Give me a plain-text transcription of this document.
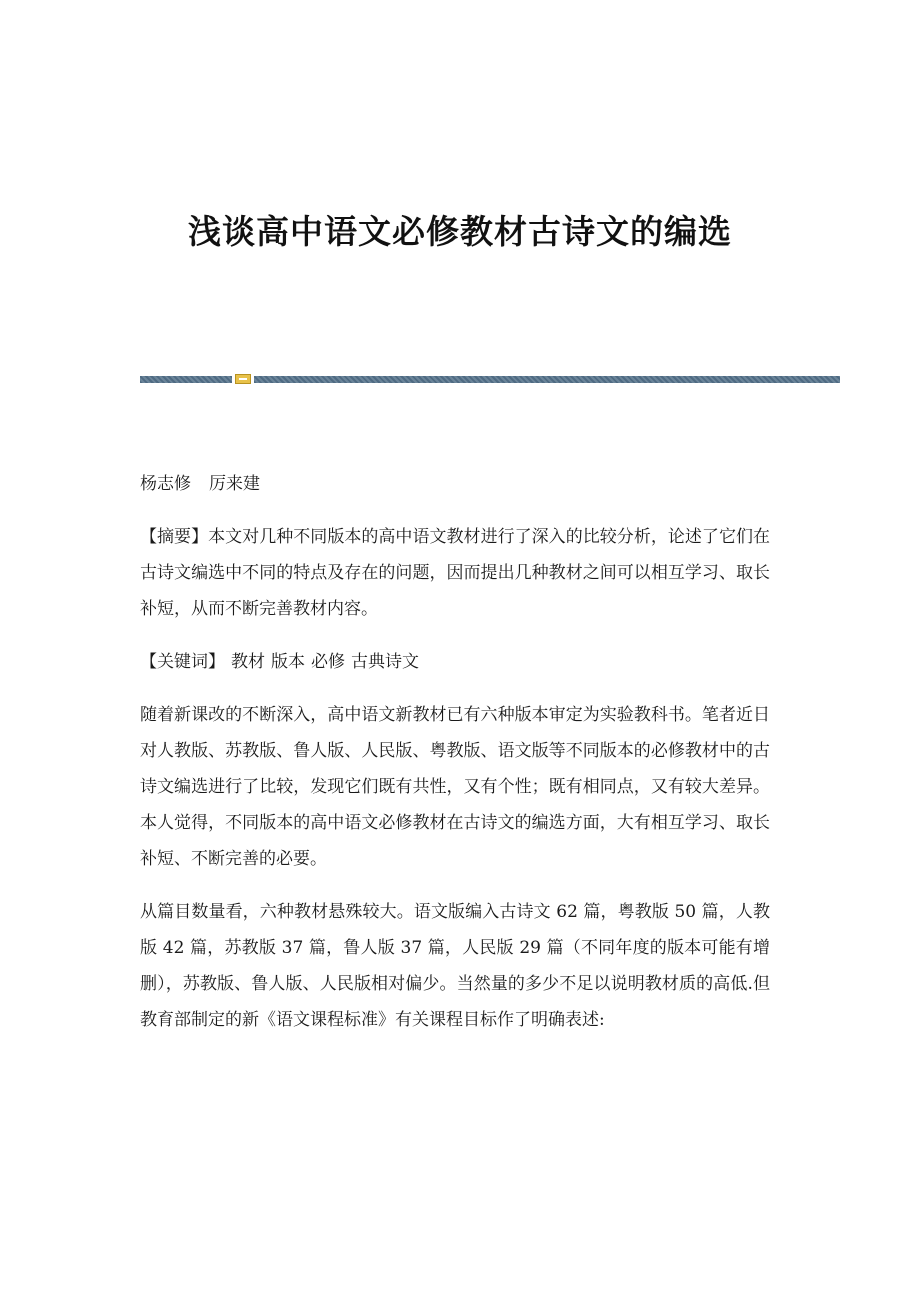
浅谈高中语文必修教材古诗文的编选

杨志修 厉来建

【摘要】本文对几种不同版本的高中语文教材进行了深入的比较分析，论述了它们在古诗文编选中不同的特点及存在的问题，因而提出几种教材之间可以相互学习、取长补短，从而不断完善教材内容。

【关键词】 教材 版本 必修 古典诗文

随着新课改的不断深入，高中语文新教材已有六种版本审定为实验教科书。笔者近日对人教版、苏教版、鲁人版、人民版、粤教版、语文版等不同版本的必修教材中的古诗文编选进行了比较，发现它们既有共性，又有个性；既有相同点，又有较大差异。本人觉得，不同版本的高中语文必修教材在古诗文的编选方面，大有相互学习、取长补短、不断完善的必要。

从篇目数量看，六种教材悬殊较大。语文版编入古诗文 62 篇，粤教版 50 篇，人教版 42 篇，苏教版 37 篇，鲁人版 37 篇，人民版 29 篇（不同年度的版本可能有增删），苏教版、鲁人版、人民版相对偏少。当然量的多少不足以说明教材质的高低.但教育部制定的新《语文课程标准》有关课程目标作了明确表述:
